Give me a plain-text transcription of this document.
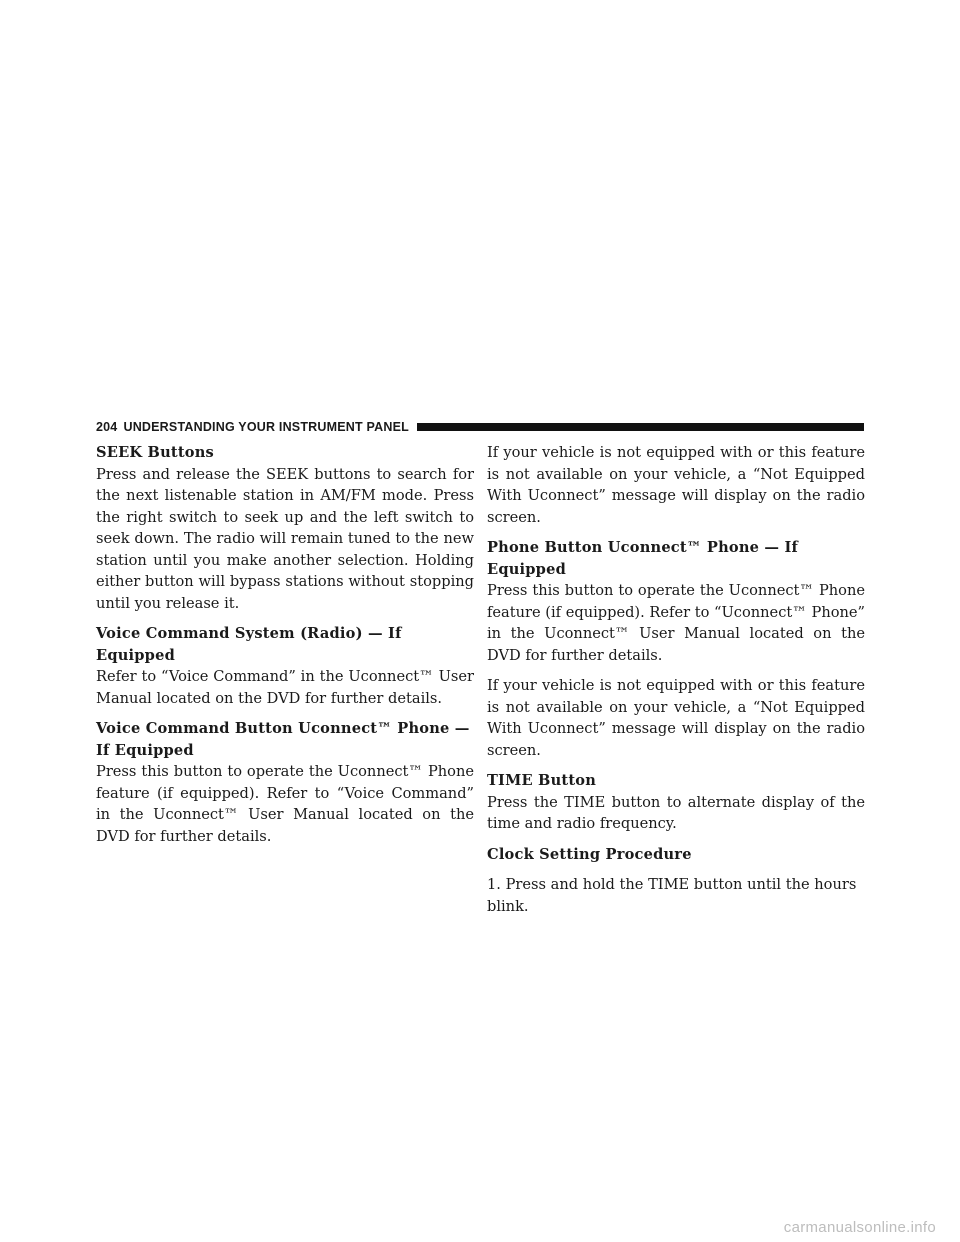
204 UNDERSTANDING YOUR INSTRUMENT PANEL
SEEK Buttons

Press and release the SEEK buttons to search for the next listenable station in AM/FM mode. Press the right switch to seek up and the left switch to seek down. The radio will remain tuned to the new station until you make another selection. Holding either button will bypass stations without stopping until you release it.

Voice Command System (Radio) — If Equipped

Refer to “Voice Command” in the Uconnect™ User Manual located on the DVD for further details.

Voice Command Button Uconnect™ Phone —
If Equipped

Press this button to operate the Uconnect™ Phone feature (if equipped). Refer to “Voice Command” in the Uconnect™ User Manual located on the DVD for further details.

If your vehicle is not equipped with or this feature is not available on your vehicle, a “Not Equipped With Uconnect” message will display on the radio screen.

Phone Button Uconnect™ Phone — If Equipped

Press this button to operate the Uconnect™ Phone feature (if equipped). Refer to “Uconnect™ Phone” in the Uconnect™ User Manual located on the DVD for further details.

If your vehicle is not equipped with or this feature is not available on your vehicle, a “Not Equipped With Uconnect” message will display on the radio screen.

TIME Button

Press the TIME button to alternate display of the time and radio frequency.

Clock Setting Procedure

1. Press and hold the TIME button until the hours blink.

carmanualsonline.info
